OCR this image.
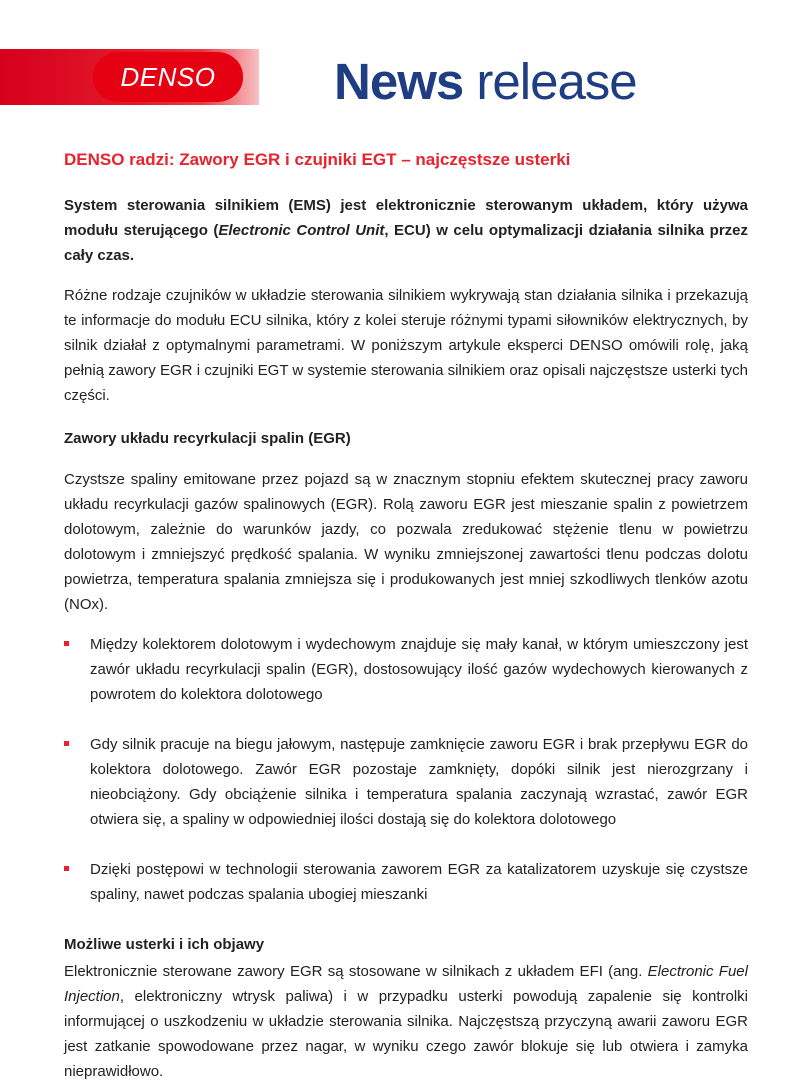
DENSO	News release
DENSO radzi: Zawory EGR i czujniki EGT – najczęstsze usterki

System sterowania silnikiem (EMS) jest elektronicznie sterowanym układem, który używa modułu sterującego (Electronic Control Unit, ECU) w celu optymalizacji działania silnika przez cały czas.

Różne rodzaje czujników w układzie sterowania silnikiem wykrywają stan działania silnika i przekazują te informacje do modułu ECU silnika, który z kolei steruje różnymi typami siłowników elektrycznych, by silnik działał z optymalnymi parametrami. W poniższym artykule eksperci DENSO omówili rolę, jaką pełnią zawory EGR i czujniki EGT w systemie sterowania silnikiem oraz opisali najczęstsze usterki tych części.

Zawory układu recyrkulacji spalin (EGR)

Czystsze spaliny emitowane przez pojazd są w znacznym stopniu efektem skutecznej pracy zaworu układu recyrkulacji gazów spalinowych (EGR). Rolą zaworu EGR jest mieszanie spalin z powietrzem dolotowym, zależnie do warunków jazdy, co pozwala zredukować stężenie tlenu w powietrzu dolotowym i zmniejszyć prędkość spalania. W wyniku zmniejszonej zawartości tlenu podczas dolotu powietrza, temperatura spalania zmniejsza się i produkowanych jest mniej szkodliwych tlenków azotu (NOx).

Między kolektorem dolotowym i wydechowym znajduje się mały kanał, w którym umieszczony jest zawór układu recyrkulacji spalin (EGR), dostosowujący ilość gazów wydechowych kierowanych z powrotem do kolektora dolotowego
Gdy silnik pracuje na biegu jałowym, następuje zamknięcie zaworu EGR i brak przepływu EGR do kolektora dolotowego. Zawór EGR pozostaje zamknięty, dopóki silnik jest nierozgrzany i nieobciążony. Gdy obciążenie silnika i temperatura spalania zaczynają wzrastać, zawór EGR otwiera się, a spaliny w odpowiedniej ilości dostają się do kolektora dolotowego
Dzięki postępowi w technologii sterowania zaworem EGR za katalizatorem uzyskuje się czystsze spaliny, nawet podczas spalania ubogiej mieszanki
Możliwe usterki i ich objawy

Elektronicznie sterowane zawory EGR są stosowane w silnikach z układem EFI (ang. Electronic Fuel Injection, elektroniczny wtrysk paliwa) i w przypadku usterki powodują zapalenie się kontrolki informującej o uszkodzeniu w układzie sterowania silnika. Najczęstszą przyczyną awarii zaworu EGR jest zatkanie spowodowane przez nagar, w wyniku czego zawór blokuje się lub otwiera i zamyka nieprawidłowo.
